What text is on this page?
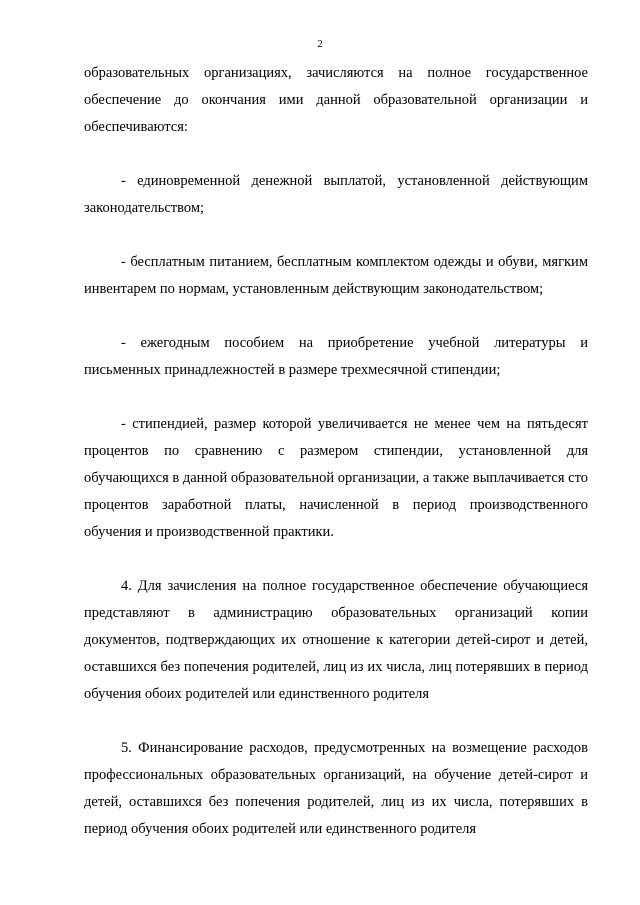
2

образовательных организациях, зачисляются на полное государственное обеспечение до окончания ими данной образовательной организации и обеспечиваются:

- единовременной денежной выплатой, установленной действующим законодательством;

- бесплатным питанием, бесплатным комплектом одежды и обуви, мягким инвентарем по нормам, установленным действующим законодательством;

- ежегодным пособием на приобретение учебной литературы и письменных принадлежностей в размере трехмесячной стипендии;

- стипендией, размер которой увеличивается не менее чем на пятьдесят процентов по сравнению с размером стипендии, установленной для обучающихся в данной образовательной организации, а также выплачивается сто процентов заработной платы, начисленной в период производственного обучения и производственной практики.

4. Для зачисления на полное государственное обеспечение обучающиеся представляют в администрацию образовательных организаций копии документов, подтверждающих их отношение к категории детей-сирот и детей, оставшихся без попечения родителей, лиц из их числа, лиц потерявших в период обучения обоих родителей или единственного родителя

5. Финансирование расходов, предусмотренных на возмещение расходов профессиональных образовательных организаций, на обучение детей-сирот и детей, оставшихся без попечения родителей, лиц из их числа, потерявших в период обучения обоих родителей или единственного родителя
